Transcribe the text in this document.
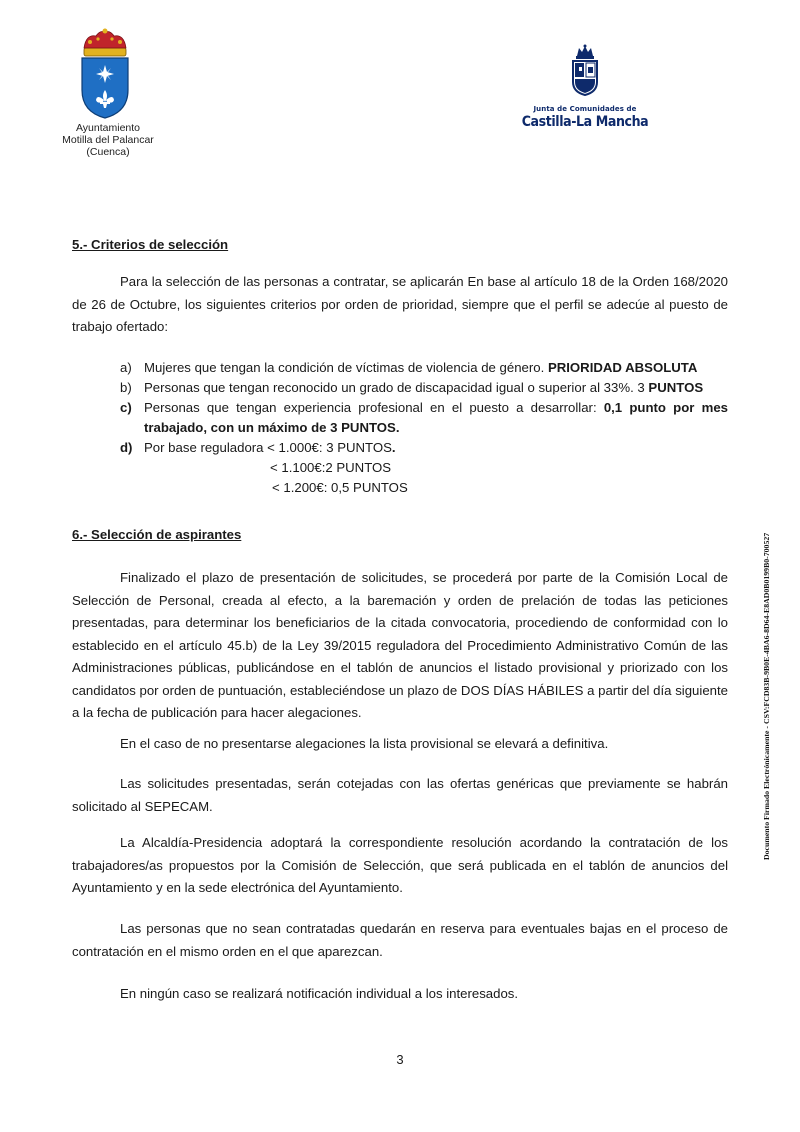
Ayuntamiento
Motilla del Palancar
(Cuenca)
Junta de Comunidades de
Castilla-La Mancha
5.- Criterios de selección
Para la selección de las personas a contratar, se aplicarán En base al artículo 18 de la Orden 168/2020 de 26 de Octubre, los siguientes criterios por orden de prioridad, siempre que el perfil se adecúe al puesto de trabajo ofertado:
a) Mujeres que tengan la condición de víctimas de violencia de género. PRIORIDAD ABSOLUTA
b) Personas que tengan reconocido un grado de discapacidad igual o superior al 33%. 3 PUNTOS
c) Personas que tengan experiencia profesional en el puesto a desarrollar: 0,1 punto por mes trabajado, con un máximo de 3 PUNTOS.
d) Por base reguladora < 1.000€: 3 PUNTOS.
< 1.100€:2 PUNTOS
< 1.200€: 0,5 PUNTOS
6.- Selección de aspirantes
Finalizado el plazo de presentación de solicitudes, se procederá por parte de la Comisión Local de Selección de Personal, creada al efecto, a la baremación y orden de prelación de todas las peticiones presentadas, para determinar los beneficiarios de la citada convocatoria, procediendo de conformidad con lo establecido en el artículo 45.b) de la Ley 39/2015 reguladora del Procedimiento Administrativo Común de las Administraciones públicas, publicándose en el tablón de anuncios el listado provisional y priorizado con los candidatos por orden de puntuación, estableciéndose un plazo de DOS DÍAS HÁBILES a partir del día siguiente a la fecha de publicación para hacer alegaciones.
En el caso de no presentarse alegaciones la lista provisional se elevará a definitiva.
Las solicitudes presentadas, serán cotejadas con las ofertas genéricas que previamente se habrán solicitado al SEPECAM.
La Alcaldía-Presidencia adoptará la correspondiente resolución acordando la contratación de los trabajadores/as propuestos por la Comisión de Selección, que será publicada en el tablón de anuncios del Ayuntamiento y en la sede electrónica del Ayuntamiento.
Las personas que no sean contratadas quedarán en reserva para eventuales bajas en el proceso de contratación en el mismo orden en el que aparezcan.
En ningún caso se realizará notificación individual a los interesados.
3
Documento Firmado Electrónicamente - CSV:FCD83B-9B0E-4BA6-8D64-E8AD0B0199B0-700527
